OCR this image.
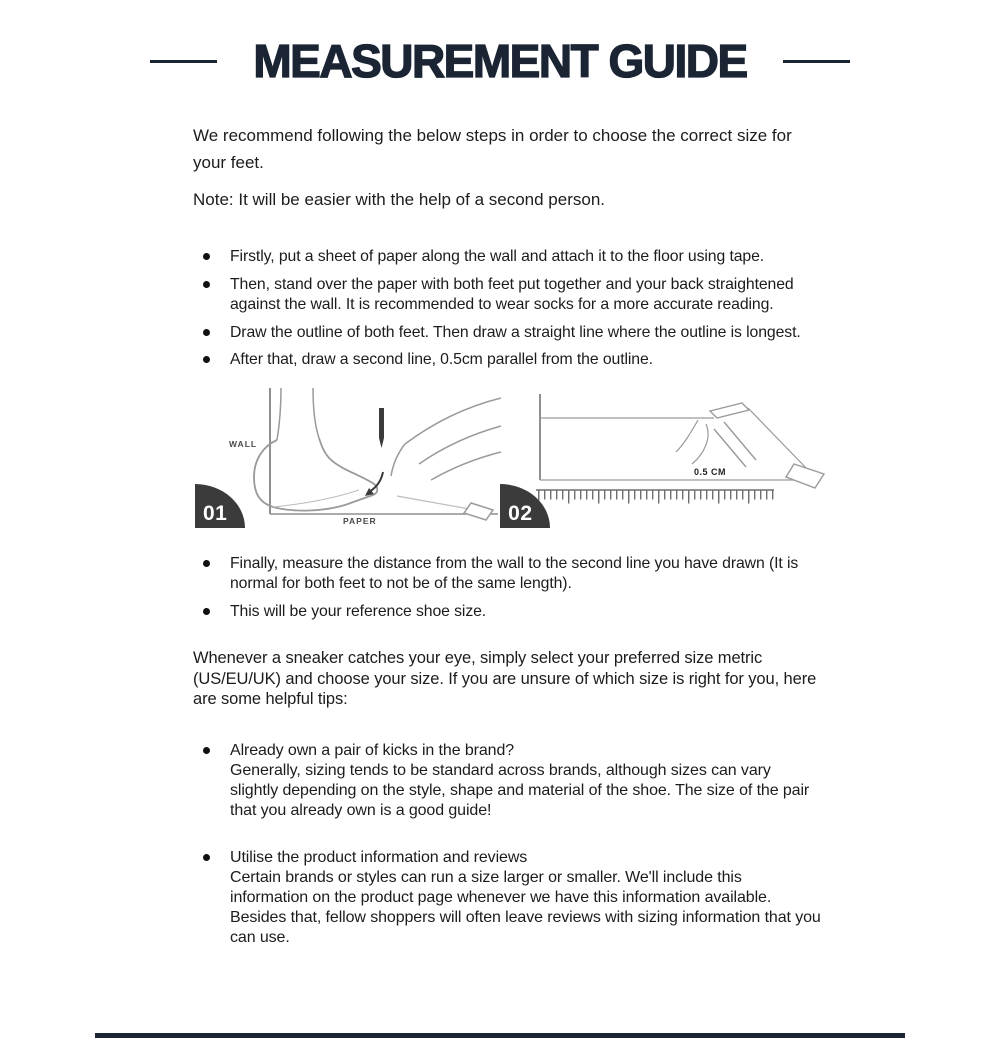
MEASUREMENT GUIDE

We recommend following the below steps in order to choose the correct size for your feet.

Note: It will be easier with the help of a second person.

Firstly, put a sheet of paper along the wall and attach it to the floor using tape.
Then, stand over the paper with both feet put together and your back straightened against the wall. It is recommended to wear socks for a more accurate reading.
Draw the outline of both feet. Then draw a straight line where the outline is longest.
After that, draw a second line, 0.5cm parallel from the outline.
WALL
PAPER
01
0.5 CM
02
Finally, measure the distance from the wall to the second line you have drawn (It is normal for both feet to not be of the same length).
This will be your reference shoe size.

Whenever a sneaker catches your eye, simply select your preferred size metric (US/EU/UK) and choose your size. If you are unsure of which size is right for you, here are some helpful tips:

Already own a pair of kicks in the brand?
Generally, sizing tends to be standard across brands, although sizes can vary slightly depending on the style, shape and material of the shoe. The size of the pair that you already own is a good guide!
Utilise the product information and reviews
Certain brands or styles can run a size larger or smaller. We'll include this information on the product page whenever we have this information available. Besides that, fellow shoppers will often leave reviews with sizing information that you can use.
